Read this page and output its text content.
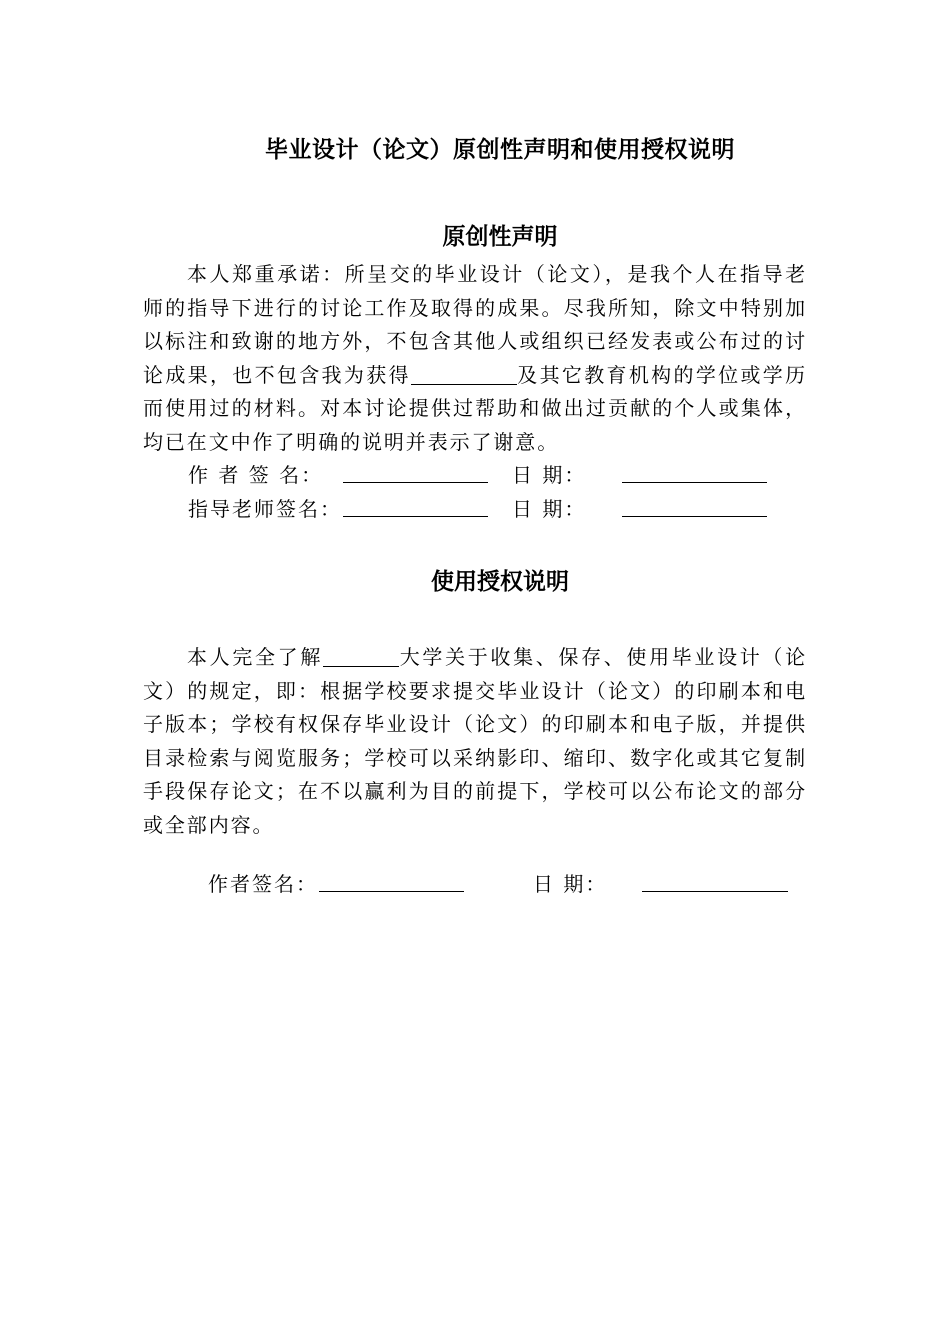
毕业设计（论文）原创性声明和使用授权说明
原创性声明
本人郑重承诺：所呈交的毕业设计（论文），是我个人在指导老师的指导下进行的讨论工作及取得的成果。尽我所知，除文中特别加以标注和致谢的地方外，不包含其他人或组织已经发表或公布过的讨论成果，也不包含我为获得	及其它教育机构的学位或学历而使用过的材料。对本讨论提供过帮助和做出过贡献的个人或集体，均已在文中作了明确的说明并表示了谢意。
作 者 签 名：	日 期：
指导老师签名：	日 期：
使用授权说明
本人完全了解	大学关于收集、保存、使用毕业设计（论文）的规定，即：根据学校要求提交毕业设计（论文）的印刷本和电子版本；学校有权保存毕业设计（论文）的印刷本和电子版，并提供目录检索与阅览服务；学校可以采纳影印、缩印、数字化或其它复制手段保存论文；在不以赢利为目的前提下，学校可以公布论文的部分或全部内容。
作者签名：	日 期：
